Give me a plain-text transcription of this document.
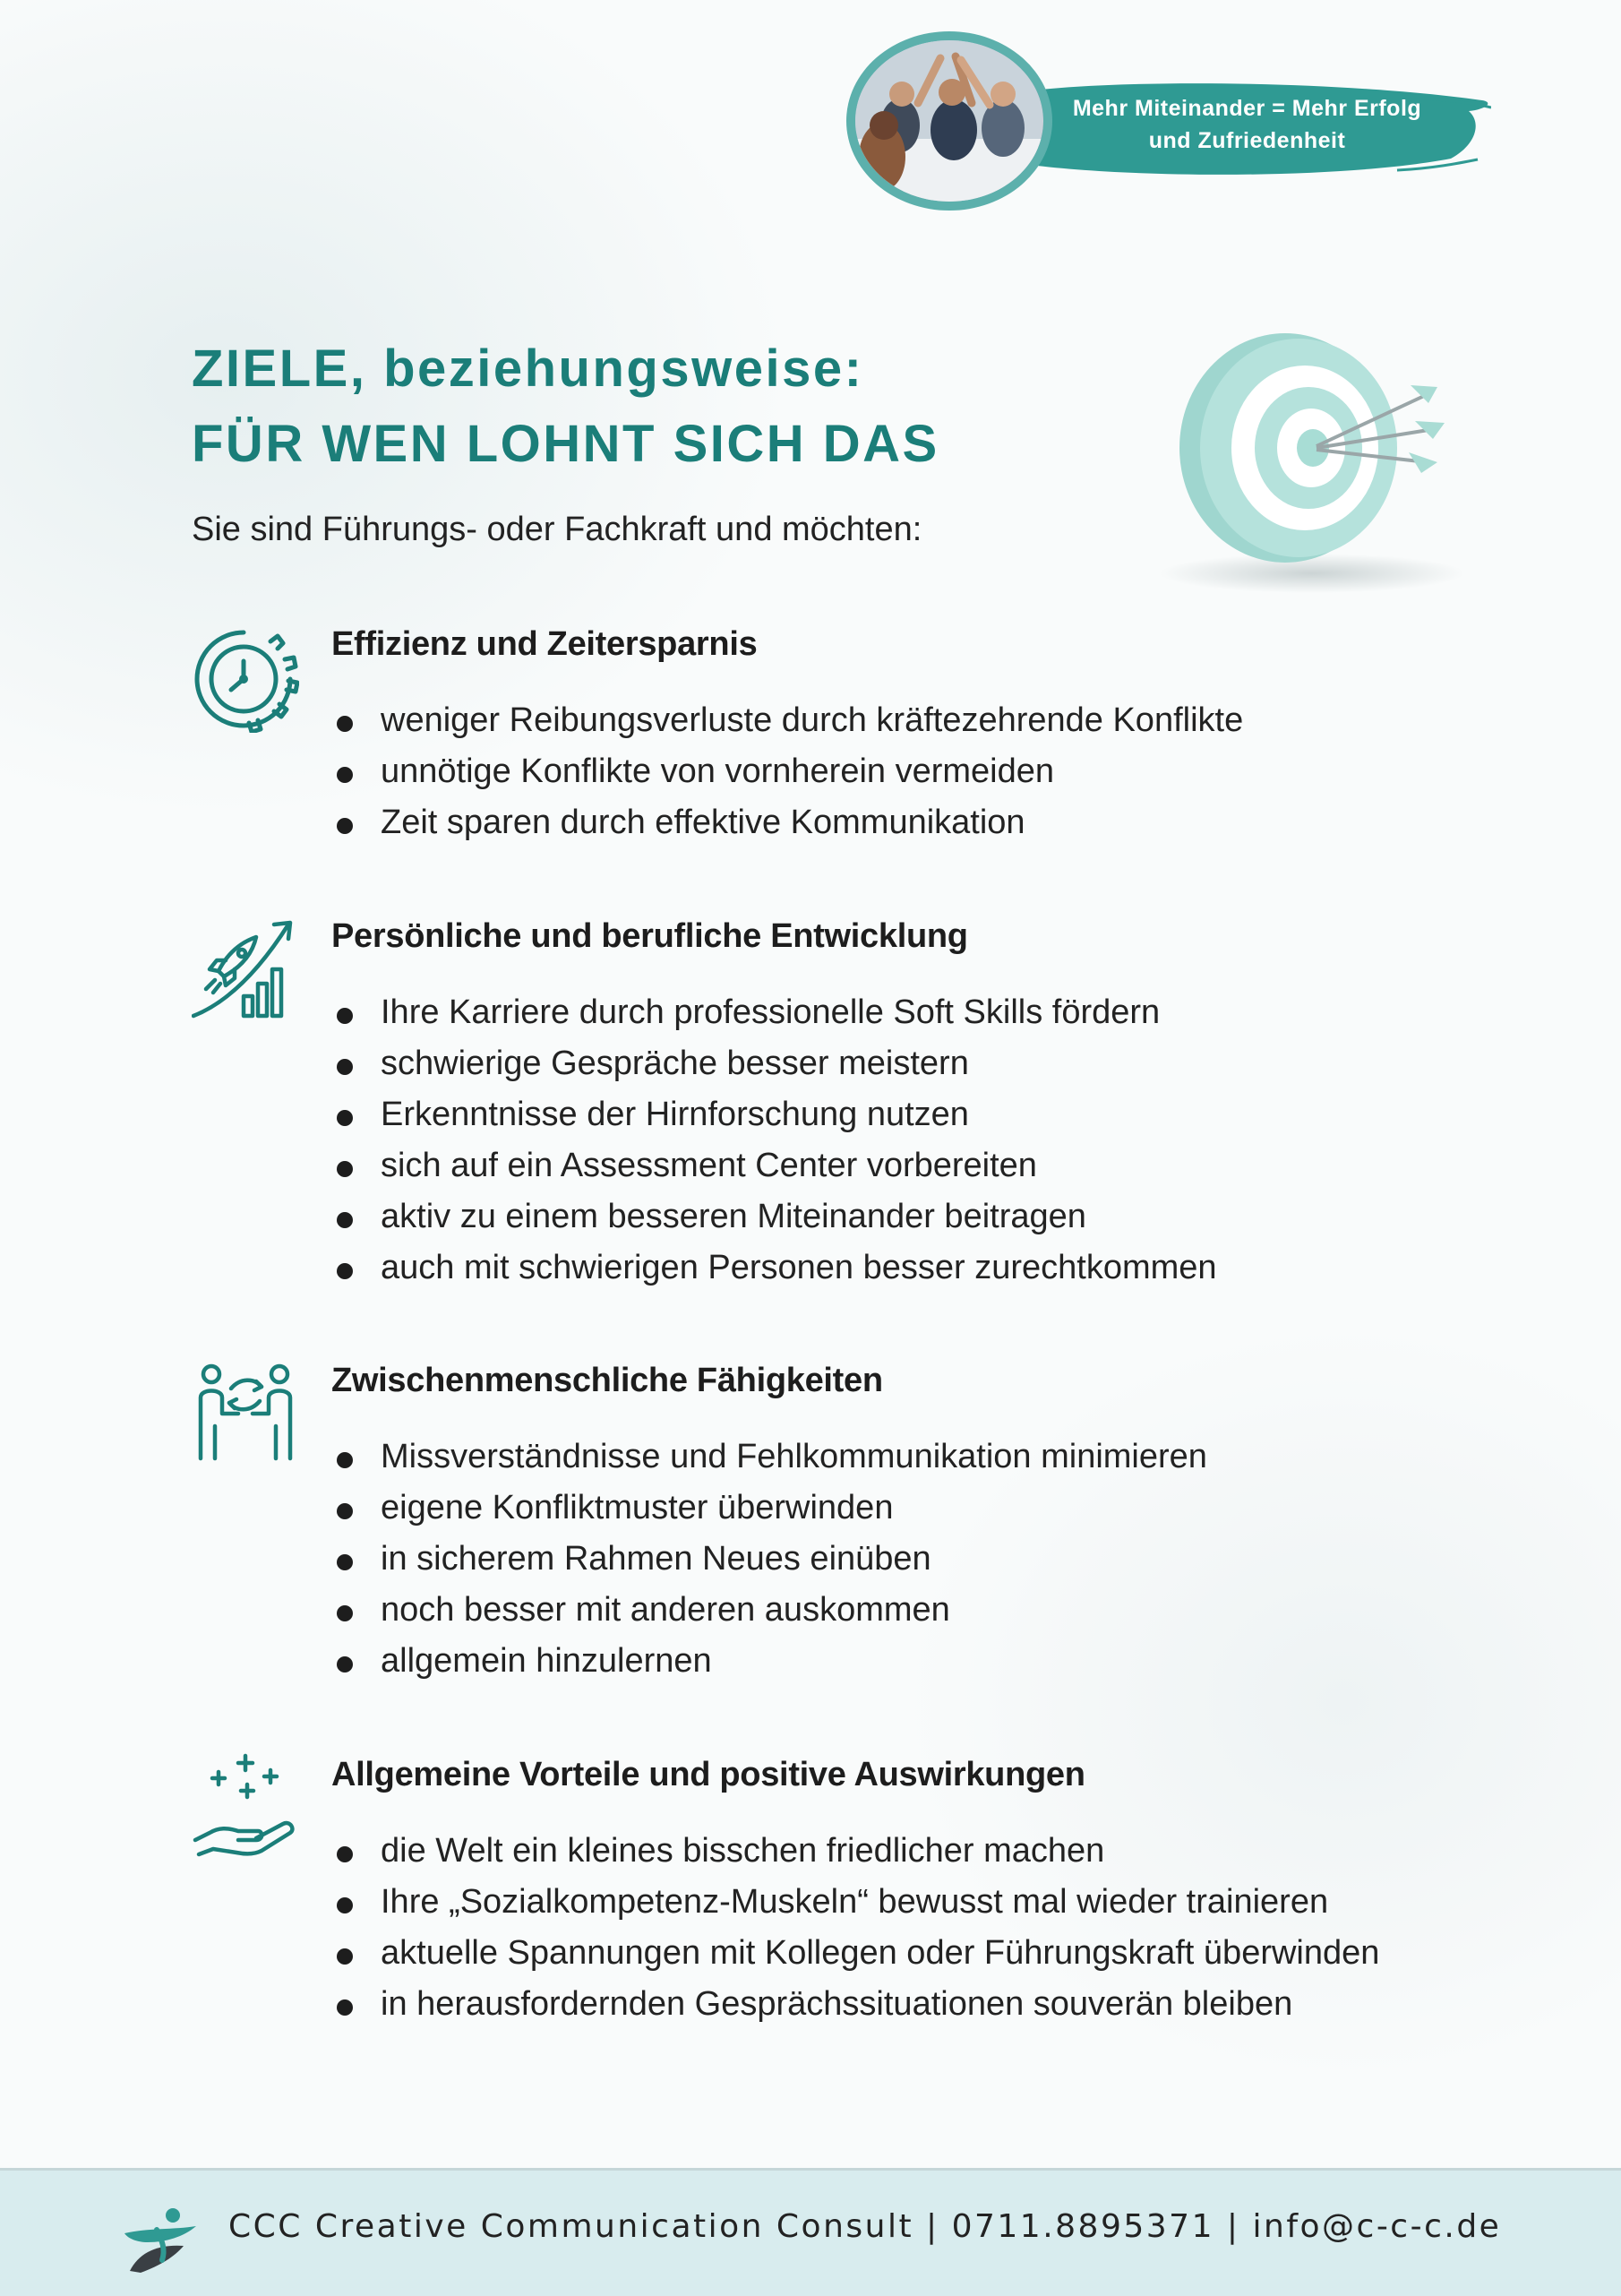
Mehr Miteinander = Mehr Erfolg
und Zufriedenheit
ZIELE, beziehungsweise:
FÜR WEN LOHNT SICH DAS

Sie sind Führungs- oder Fachkraft und möchten:

Effizienz und Zeitersparnis
weniger Reibungsverluste durch kräftezehrende Konflikte
unnötige Konflikte von vornherein vermeiden
Zeit sparen durch effektive Kommunikation
Persönliche und berufliche Entwicklung
Ihre Karriere durch professionelle Soft Skills fördern
schwierige Gespräche besser meistern
Erkenntnisse der Hirnforschung nutzen
sich auf ein Assessment Center vorbereiten
aktiv zu einem besseren Miteinander beitragen
auch mit schwierigen Personen besser zurechtkommen
Zwischenmenschliche Fähigkeiten
Missverständnisse und Fehlkommunikation minimieren
eigene Konfliktmuster überwinden
in sicherem Rahmen Neues einüben
noch besser mit anderen auskommen
allgemein hinzulernen
Allgemeine Vorteile und positive Auswirkungen
die Welt ein kleines bisschen friedlicher machen
Ihre „Sozialkompetenz-Muskeln“ bewusst mal wieder trainieren
aktuelle Spannungen mit Kollegen oder Führungskraft überwinden
in herausfordernden Gesprächssituationen souverän bleiben

CCC Creative Communication Consult | 0711.8895371 | info@c-c-c.de
